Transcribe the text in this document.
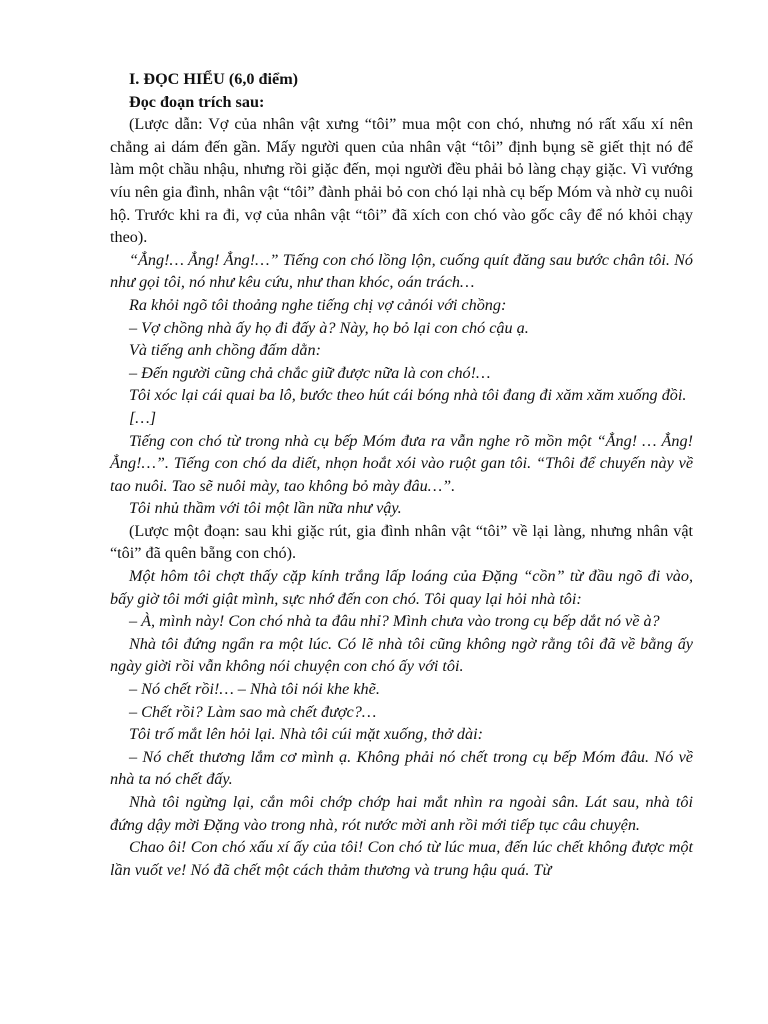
I. ĐỌC HIỂU (6,0 điểm)

Đọc đoạn trích sau:

(Lược dẫn: Vợ của nhân vật xưng “tôi” mua một con chó, nhưng nó rất xấu xí nên chẳng ai dám đến gần. Mấy người quen của nhân vật “tôi” định bụng sẽ giết thịt nó để làm một chầu nhậu, nhưng rồi giặc đến, mọi người đều phải bỏ làng chạy giặc. Vì vướng víu nên gia đình, nhân vật “tôi” đành phải bỏ con chó lại nhà cụ bếp Móm và nhờ cụ nuôi hộ. Trước khi ra đi, vợ của nhân vật “tôi” đã xích con chó vào gốc cây để nó khỏi chạy theo).

“Ẳng!… Ẳng! Ẳng!…” Tiếng con chó lồng lộn, cuống quít đăng sau bước chân tôi. Nó như gọi tôi, nó như kêu cứu, như than khóc, oán trách…

Ra khỏi ngõ tôi thoảng nghe tiếng chị vợ cảnói với chồng:

– Vợ chồng nhà ấy họ đi đấy à? Này, họ bỏ lại con chó cậu ạ.

Và tiếng anh chồng đấm dằn:

– Đến người cũng chả chắc giữ được nữa là con chó!…

Tôi xóc lại cái quai ba lô, bước theo hút cái bóng nhà tôi đang đi xăm xăm xuống đồi.

[…]

Tiếng con chó từ trong nhà cụ bếp Móm đưa ra vẫn nghe rõ mồn một “Ẳng! … Ẳng! Ẳng!…”. Tiếng con chó da diết, nhọn hoắt xói vào ruột gan tôi. “Thôi để chuyến này về tao nuôi. Tao sẽ nuôi mày, tao không bỏ mày đâu…”.

Tôi nhủ thầm với tôi một lần nữa như vậy.

(Lược một đoạn: sau khi giặc rút, gia đình nhân vật “tôi” về lại làng, nhưng nhân vật “tôi” đã quên bẵng con chó).

Một hôm tôi chợt thấy cặp kính trắng lấp loáng của Đặng “cồn” từ đầu ngõ đi vào, bấy giờ tôi mới giật mình, sực nhớ đến con chó. Tôi quay lại hỏi nhà tôi:

– À, mình này! Con chó nhà ta đâu nhỉ? Mình chưa vào trong cụ bếp dắt nó về à?

Nhà tôi đứng ngẩn ra một lúc. Có lẽ nhà tôi cũng không ngờ rằng tôi đã về bằng ấy ngày giời rồi vẫn không nói chuyện con chó ấy với tôi.

– Nó chết rồi!… – Nhà tôi nói khe khẽ.

– Chết rồi? Làm sao mà chết được?…

Tôi trố mắt lên hỏi lại. Nhà tôi cúi mặt xuống, thở dài:

– Nó chết thương lắm cơ mình ạ. Không phải nó chết trong cụ bếp Móm đâu. Nó về nhà ta nó chết đấy.

Nhà tôi ngừng lại, cắn môi chớp chớp hai mắt nhìn ra ngoài sân. Lát sau, nhà tôi đứng dậy mời Đặng vào trong nhà, rót nước mời anh rồi mới tiếp tục câu chuyện.

Chao ôi! Con chó xấu xí ấy của tôi! Con chó từ lúc mua, đến lúc chết không được một lần vuốt ve! Nó đã chết một cách thảm thương và trung hậu quá. Từ
